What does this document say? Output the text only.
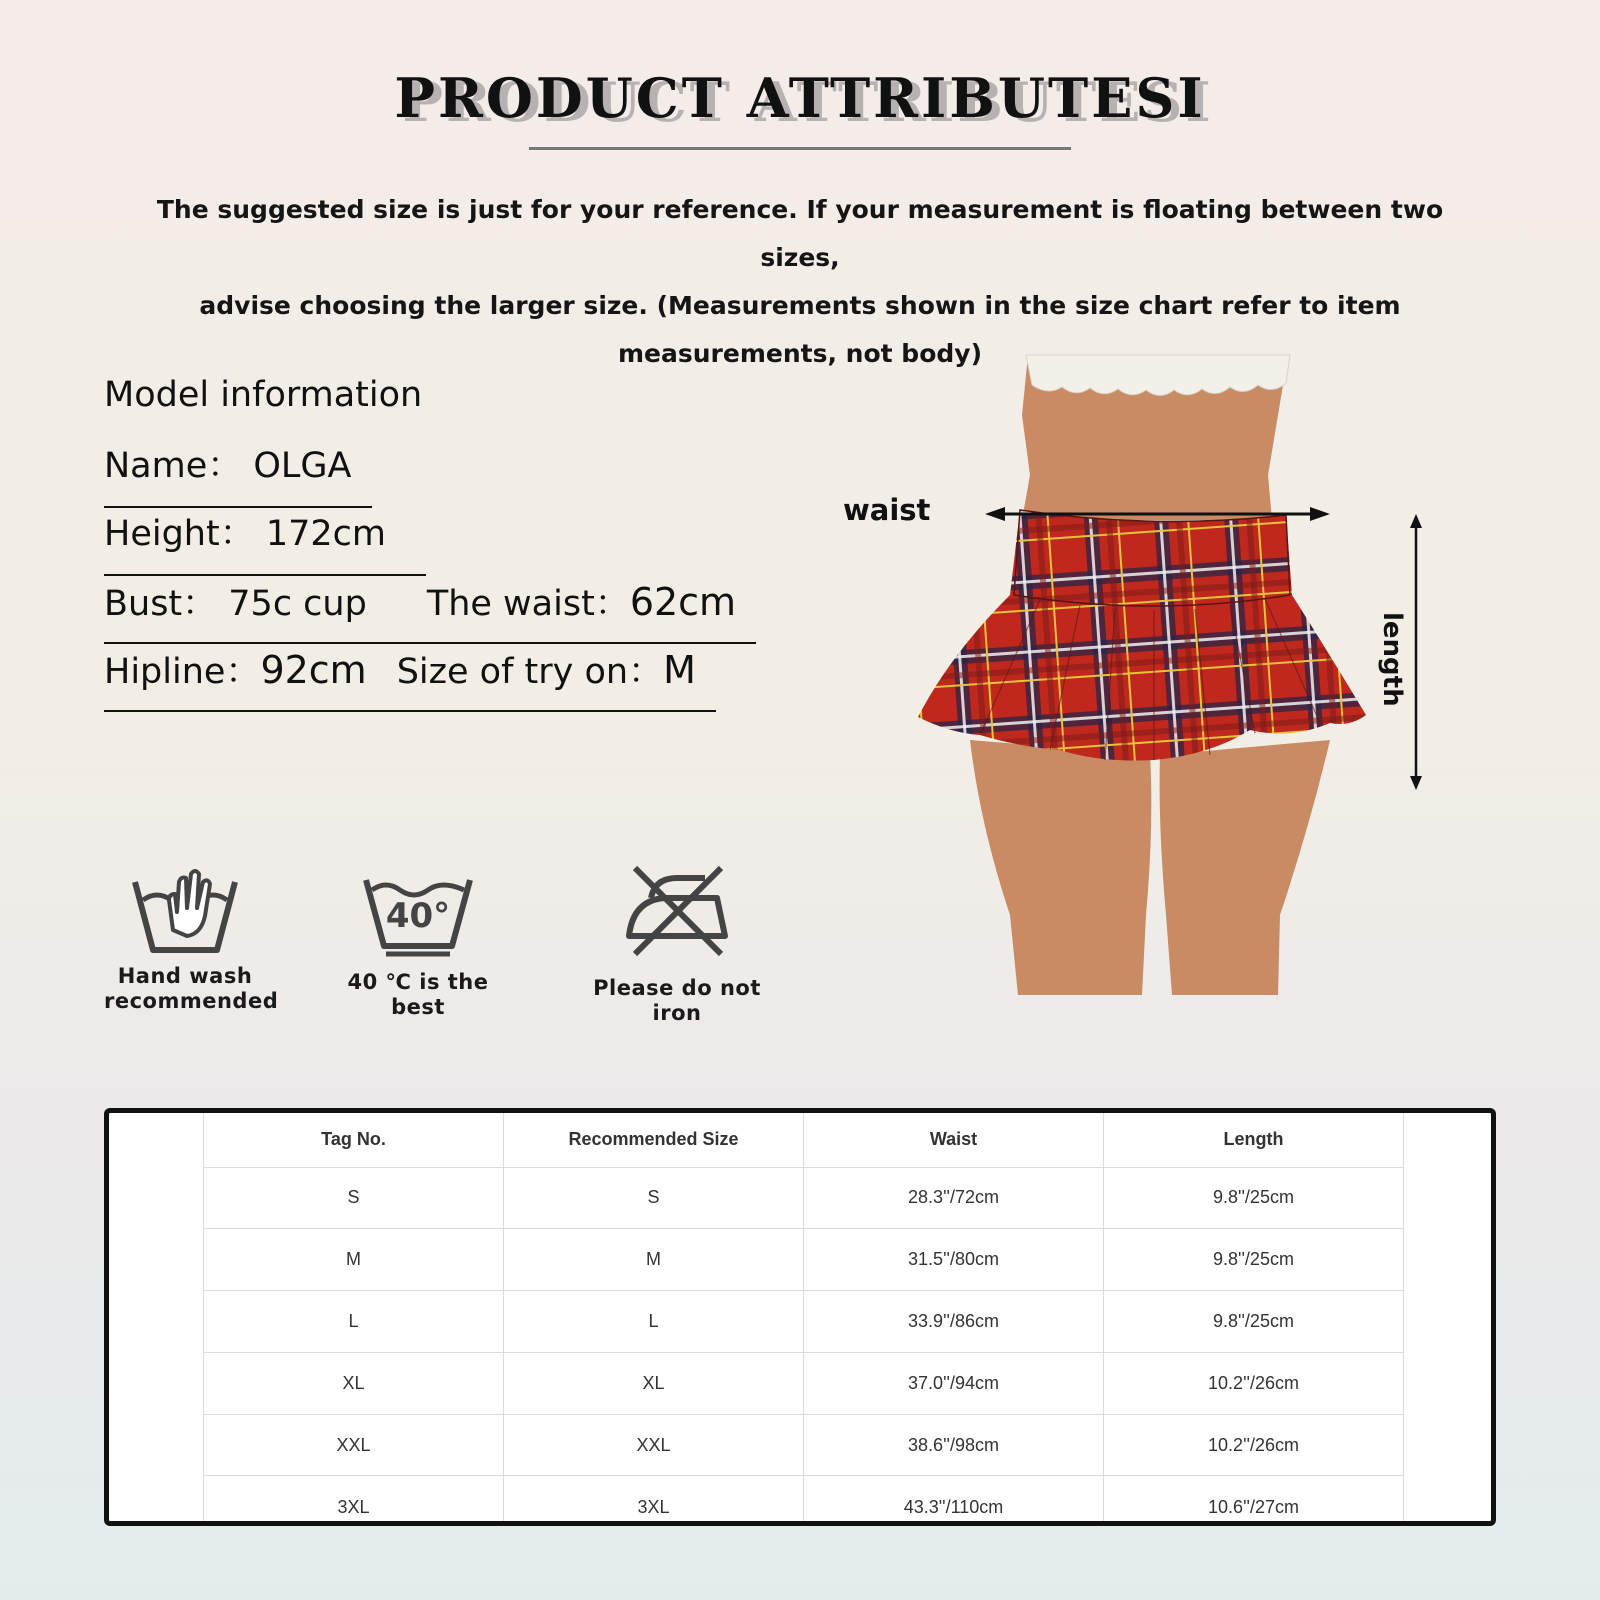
PRODUCT ATTRIBUTESI
The suggested size is just for your reference. If your measurement is floating between two sizes,
advise choosing the larger size. (Measurements shown in the size chart refer to item
measurements, not body)
Model information
Name： OLGA
Height： 172cm
Bust： 75c cup The waist：62cm
Hipline：92cm Size of try on：M
waist
length
Hand wash
recommended
40°
40 ℃ is the best
Please do not iron
Tag No.	Recommended Size	Waist	Length
S	S	28.3''/72cm	9.8''/25cm
M	M	31.5''/80cm	9.8''/25cm
L	L	33.9''/86cm	9.8''/25cm
XL	XL	37.0''/94cm	10.2''/26cm
XXL	XXL	38.6''/98cm	10.2''/26cm
3XL	3XL	43.3''/110cm	10.6''/27cm
